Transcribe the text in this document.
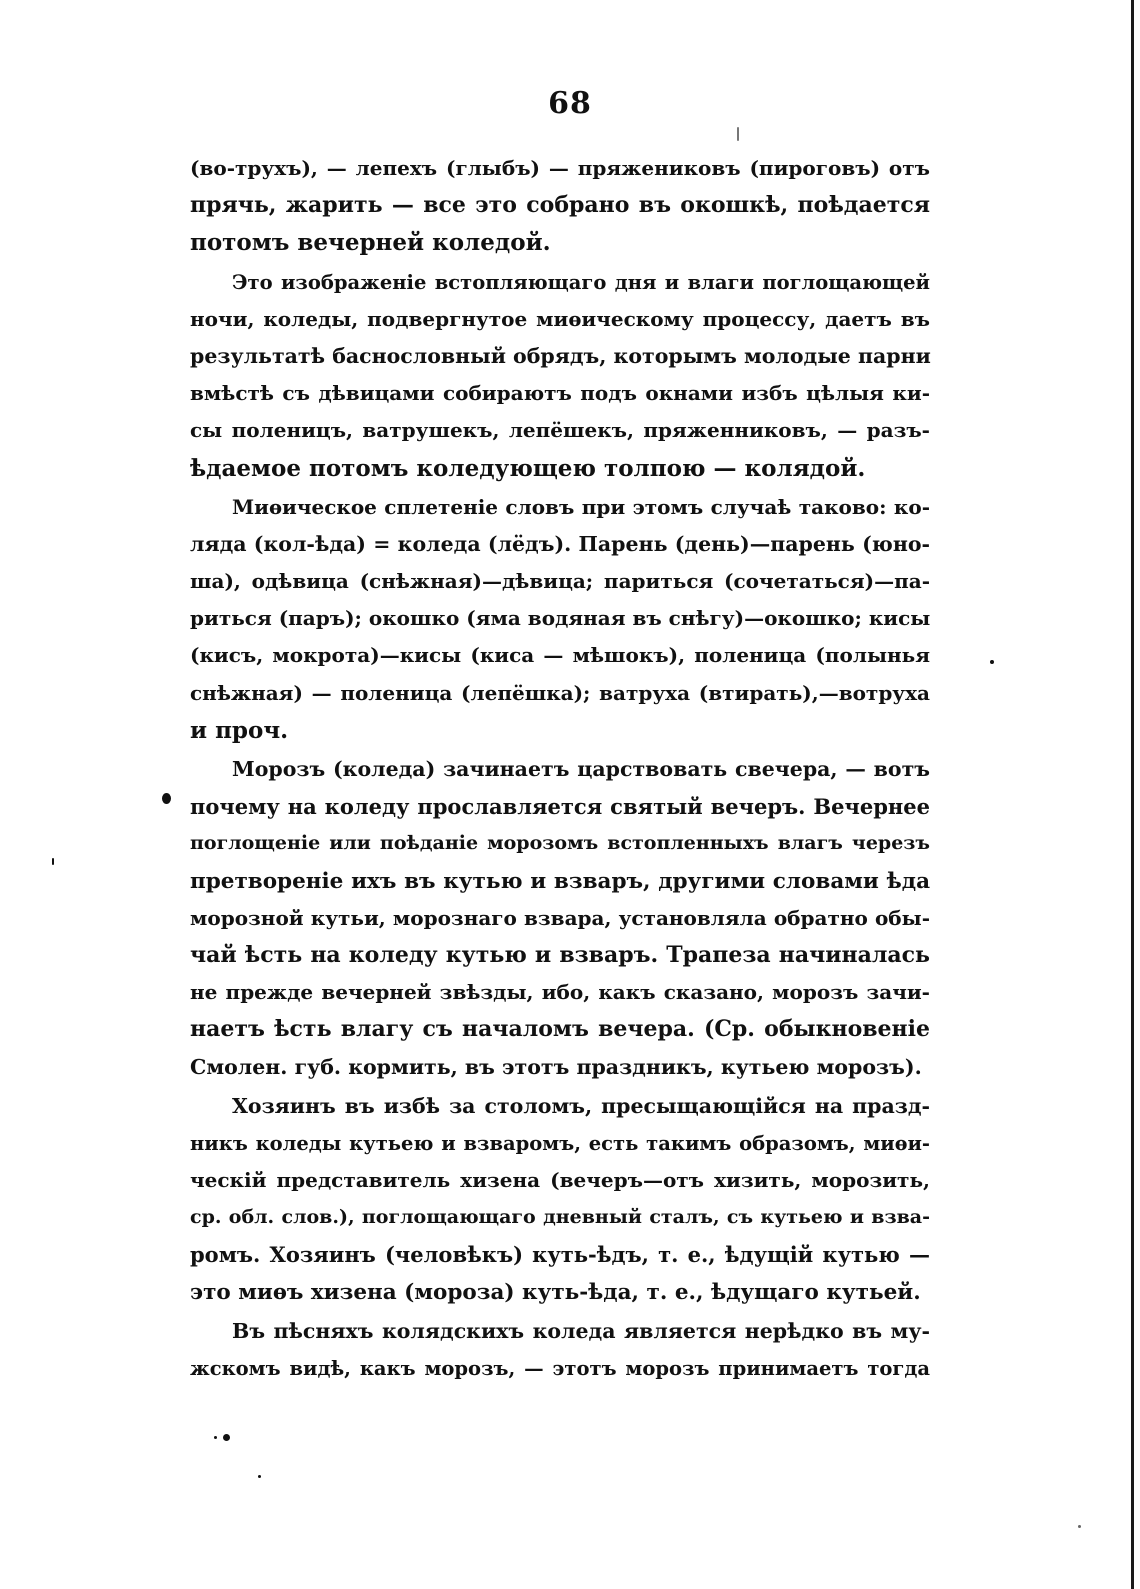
68
(во-трухъ), — лепехъ (глыбъ) — пряжениковъ (пироговъ) отъ
прячь, жарить — все это собрано въ окошкѣ, поѣдается
потомъ вечерней коледой.
Это изображенiе встопляющаго дня и влаги поглощающей
ночи, коледы, подвергнутое миѳическому процессу, даетъ въ
результатѣ баснословный обрядъ, которымъ молодые парни
вмѣстѣ съ дѣвицами собираютъ подъ окнами избъ цѣлыя ки-
сы поленицъ, ватрушекъ, лепёшекъ, пряженниковъ, — разъ-
ѣдаемое потомъ коледующею толпою — колядой.
Миѳическое сплетенiе словъ при этомъ случаѣ таково: ко-
ляда (кол-ѣда) = коледа (лёдъ). Парень (день)—парень (юно-
ша), одѣвица (снѣжная)—дѣвица; париться (сочетаться)—па-
риться (паръ); окошко (яма водяная въ снѣгу)—окошко; кисы
(кисъ, мокрота)—кисы (киса — мѣшокъ), поленица (полынья
снѣжная) — поленица (лепёшка); ватруха (втирать),—вотруха
и проч.
Морозъ (коледа) зачинаетъ царствовать свечера, — вотъ
почему на коледу прославляется святый вечеръ. Вечернее
поглощенiе или поѣданiе морозомъ встопленныхъ влагъ черезъ
претворенiе ихъ въ кутью и взваръ, другими словами ѣда
морозной кутьи, морознаго взвара, установляла обратно обы-
чай ѣсть на коледу кутью и взваръ. Трапеза начиналась
не прежде вечерней звѣзды, ибо, какъ сказано, морозъ зачи-
наетъ ѣсть влагу съ началомъ вечера. (Ср. обыкновенiе
Смолен. губ. кормить, въ этотъ праздникъ, кутьею морозъ).
Хозяинъ въ избѣ за столомъ, пресыщающiйся на празд-
никъ коледы кутьею и взваромъ, есть такимъ образомъ, миѳи-
ческiй представитель хизена (вечеръ—отъ хизить, морозить,
ср. обл. слов.), поглощающаго дневный сталъ, съ кутьею и взва-
ромъ. Хозяинъ (человѣкъ) куть-ѣдъ, т. е., ѣдущiй кутью —
это миѳъ хизена (мороза) куть-ѣда, т. е., ѣдущаго кутьей.
Въ пѣсняхъ колядскихъ коледа является нерѣдко въ му-
жскомъ видѣ, какъ морозъ, — этотъ морозъ принимаетъ тогда
